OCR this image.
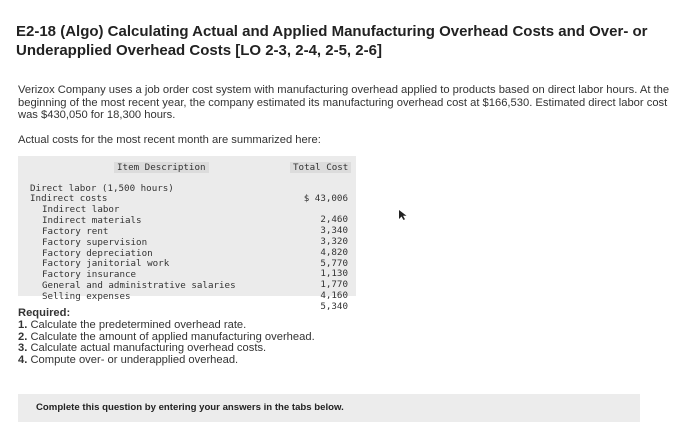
E2-18 (Algo) Calculating Actual and Applied Manufacturing Overhead Costs and Over- or Underapplied Overhead Costs [LO 2-3, 2-4, 2-5, 2-6]
Verizox Company uses a job order cost system with manufacturing overhead applied to products based on direct labor hours. At the beginning of the most recent year, the company estimated its manufacturing overhead cost at $166,530. Estimated direct labor cost was $430,050 for 18,300 hours.
Actual costs for the most recent month are summarized here:
Item Description	Total Cost

Direct labor (1,500 hours)

$ 43,006

Indirect costs

Indirect labor

2,460

Indirect materials

3,340

Factory rent

3,320

Factory supervision

4,820

Factory depreciation

5,770

Factory janitorial work

1,130

Factory insurance

1,770

General and administrative salaries

4,160

Selling expenses

5,340

Required:
1. Calculate the predetermined overhead rate.
2. Calculate the amount of applied manufacturing overhead.
3. Calculate actual manufacturing overhead costs.
4. Compute over- or underapplied overhead.
Complete this question by entering your answers in the tabs below.
